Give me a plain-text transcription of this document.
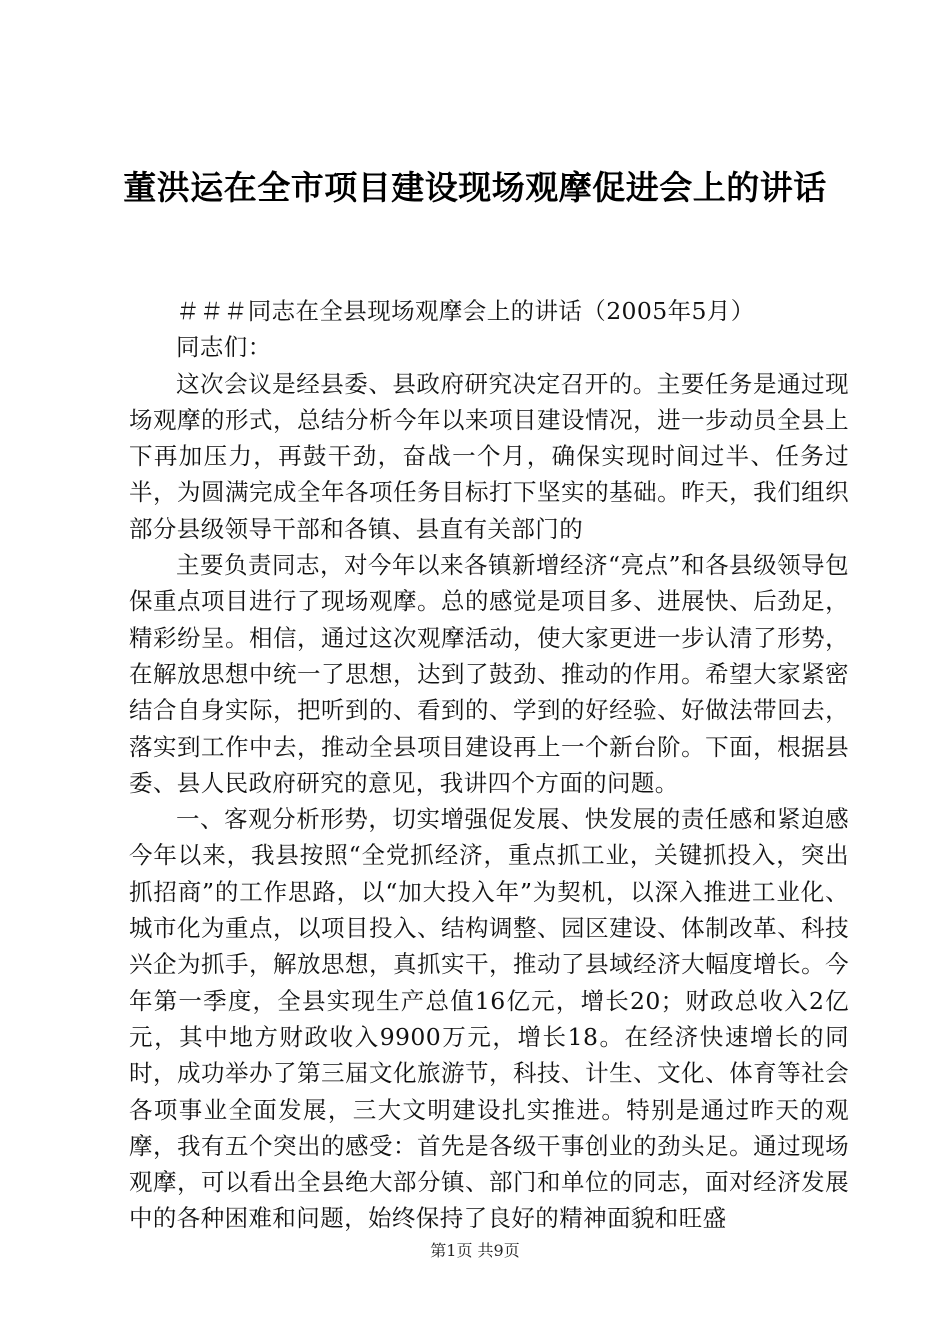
董洪运在全市项目建设现场观摩促进会上的讲话

＃＃＃同志在全县现场观摩会上的讲话（2005年5月）

同志们：

这次会议是经县委、县政府研究决定召开的。主要任务是通过现场观摩的形式，总结分析今年以来项目建设情况，进一步动员全县上下再加压力，再鼓干劲，奋战一个月，确保实现时间过半、任务过半，为圆满完成全年各项任务目标打下坚实的基础。昨天，我们组织部分县级领导干部和各镇、县直有关部门的

主要负责同志，对今年以来各镇新增经济“亮点”和各县级领导包保重点项目进行了现场观摩。总的感觉是项目多、进展快、后劲足，精彩纷呈。相信，通过这次观摩活动，使大家更进一步认清了形势，在解放思想中统一了思想，达到了鼓劲、推动的作用。希望大家紧密结合自身实际，把听到的、看到的、学到的好经验、好做法带回去，落实到工作中去，推动全县项目建设再上一个新台阶。下面，根据县委、县人民政府研究的意见，我讲四个方面的问题。

一、客观分析形势，切实增强促发展、快发展的责任感和紧迫感今年以来，我县按照“全党抓经济，重点抓工业，关键抓投入，突出抓招商”的工作思路，以“加大投入年”为契机，以深入推进工业化、城市化为重点，以项目投入、结构调整、园区建设、体制改革、科技兴企为抓手，解放思想，真抓实干，推动了县域经济大幅度增长。今年第一季度，全县实现生产总值16亿元，增长20；财政总收入2亿元，其中地方财政收入9900万元，增长18。在经济快速增长的同时，成功举办了第三届文化旅游节，科技、计生、文化、体育等社会各项事业全面发展，三大文明建设扎实推进。特别是通过昨天的观摩，我有五个突出的感受：首先是各级干事创业的劲头足。通过现场观摩，可以看出全县绝大部分镇、部门和单位的同志，面对经济发展中的各种困难和问题，始终保持了良好的精神面貌和旺盛

第1页 共9页
